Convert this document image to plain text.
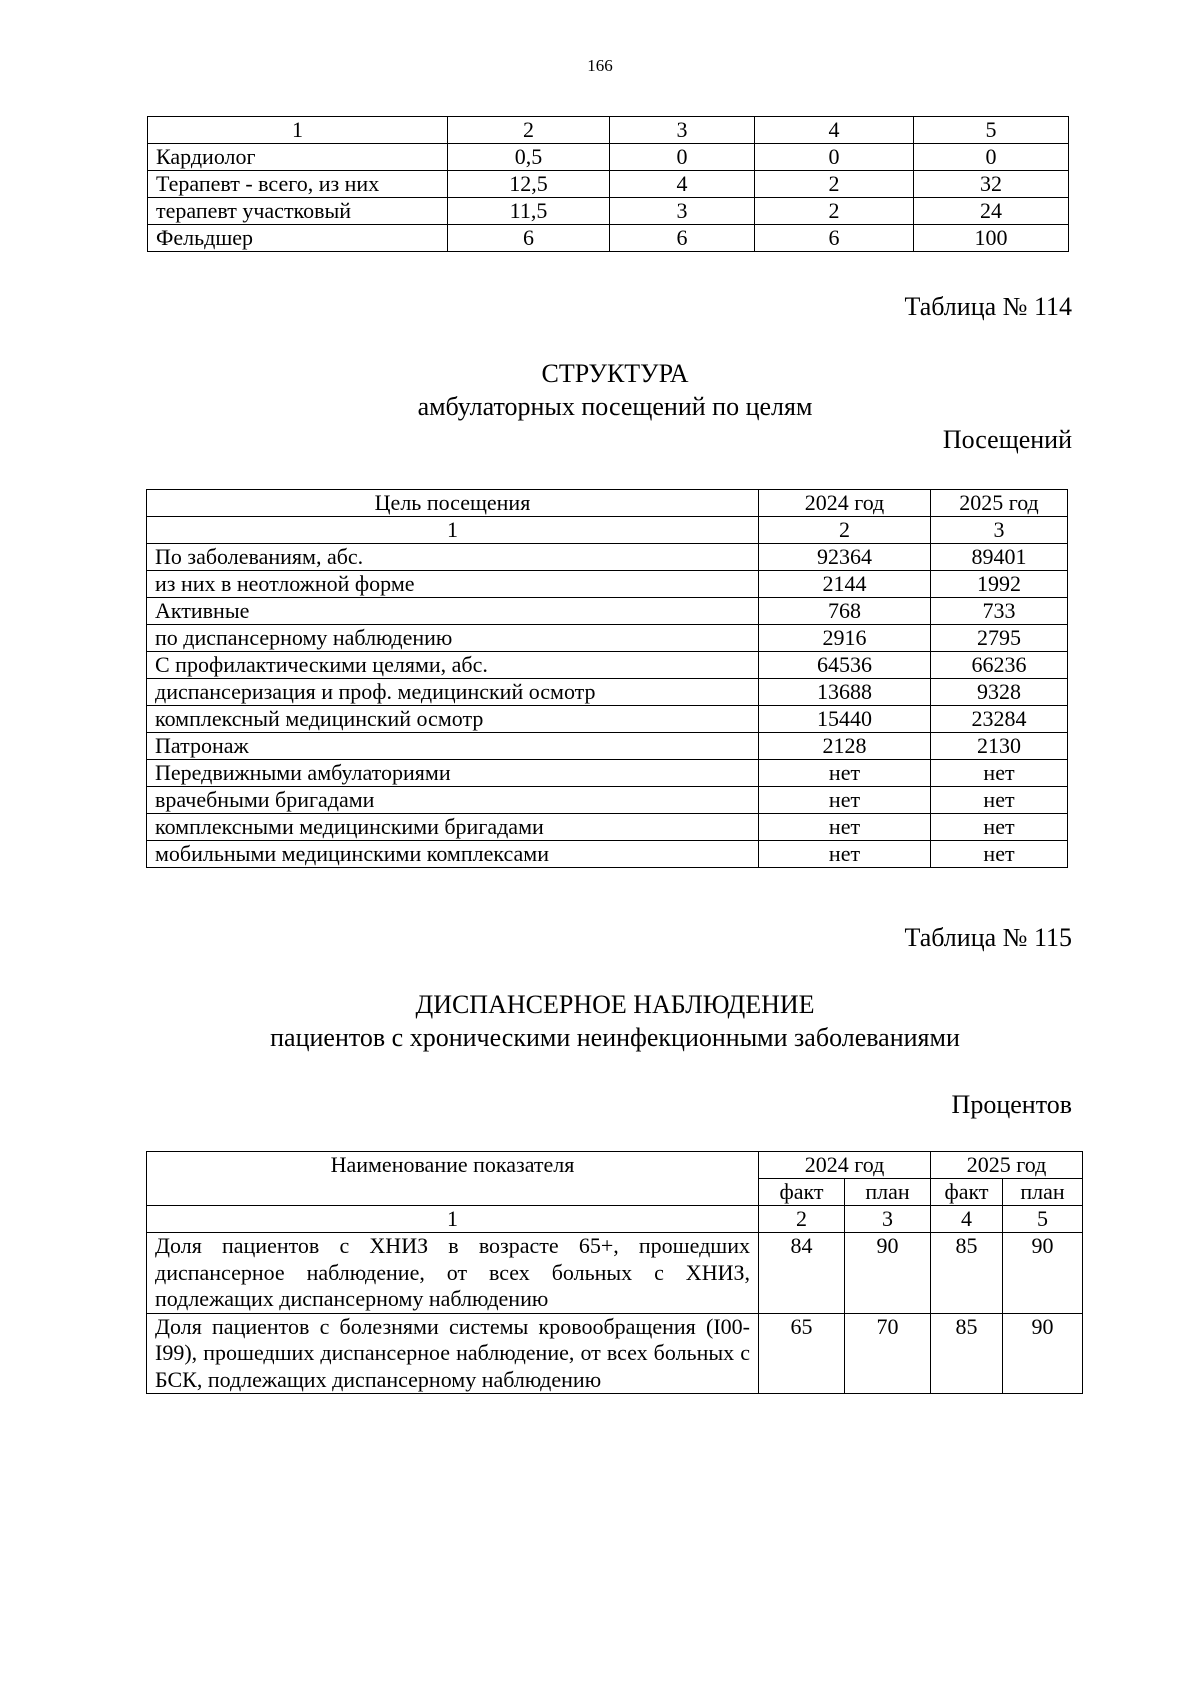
166
1	2	3	4	5
Кардиолог	0,5	0	0	0
Терапевт - всего, из них	12,5	4	2	32
терапевт участковый	11,5	3	2	24
Фельдшер	6	6	6	100
Таблица № 114
СТРУКТУРА
амбулаторных посещений по целям
Посещений
Цель посещения	2024 год	2025 год
1	2	3
По заболеваниям, абс.	92364	89401
из них в неотложной форме	2144	1992
Активные	768	733
по диспансерному наблюдению	2916	2795
С профилактическими целями, абс.	64536	66236
диспансеризация и проф. медицинский осмотр	13688	9328
комплексный медицинский осмотр	15440	23284
Патронаж	2128	2130
Передвижными амбулаториями	нет	нет
врачебными бригадами	нет	нет
комплексными медицинскими бригадами	нет	нет
мобильными медицинскими комплексами	нет	нет
Таблица № 115
ДИСПАНСЕРНОЕ НАБЛЮДЕНИЕ
пациентов с хроническими неинфекционными заболеваниями
Процентов
Наименование показателя	2024 год		2025 год	
	факт	план	факт	план
1	2	3	4	5
Доля пациентов с ХНИЗ в возрасте 65+, прошедших диспансерное наблюдение, от всех больных с ХНИЗ, подлежащих диспансерному наблюдению	84	90	85	90
Доля пациентов с болезнями системы кровообращения (I00-I99), прошедших диспансерное наблюдение, от всех больных с БСК, подлежащих диспансерному наблюдению	65	70	85	90
